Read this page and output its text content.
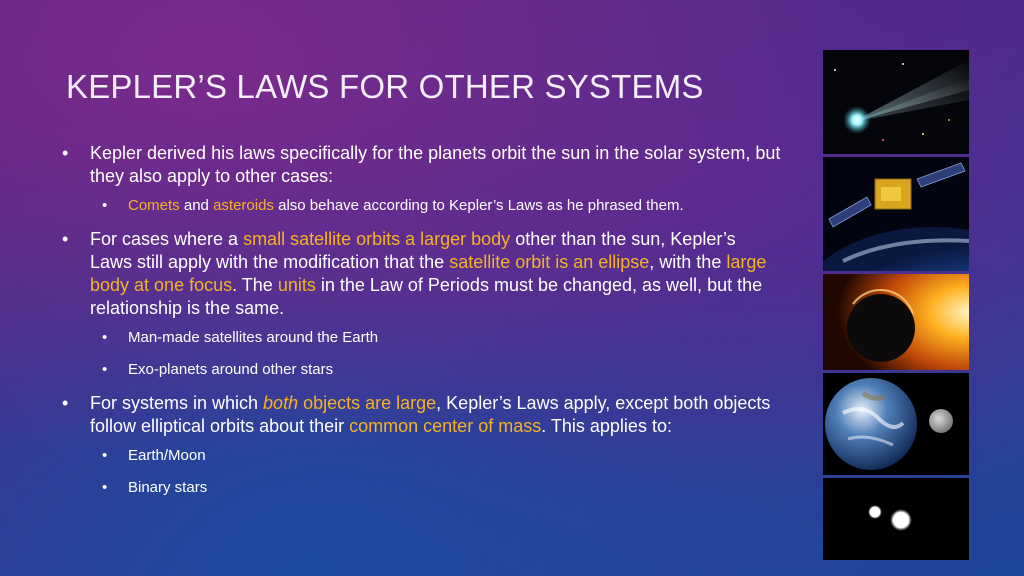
KEPLER’S LAWS FOR OTHER SYSTEMS
• Kepler derived his laws specifically for the planets orbit the sun in the solar system, but they also apply to other cases:
• Comets and asteroids also behave according to Kepler’s Laws as he phrased them.
• For cases where a small satellite orbits a larger body other than the sun, Kepler’s Laws still apply with the modification that the satellite orbit is an ellipse, with the large body at one focus. The units in the Law of Periods must be changed, as well, but the relationship is the same.
• Man-made satellites around the Earth
• Exo-planets around other stars
• For systems in which both objects are large, Kepler’s Laws apply, except both objects follow elliptical orbits about their common center of mass. This applies to:
• Earth/Moon
• Binary stars
